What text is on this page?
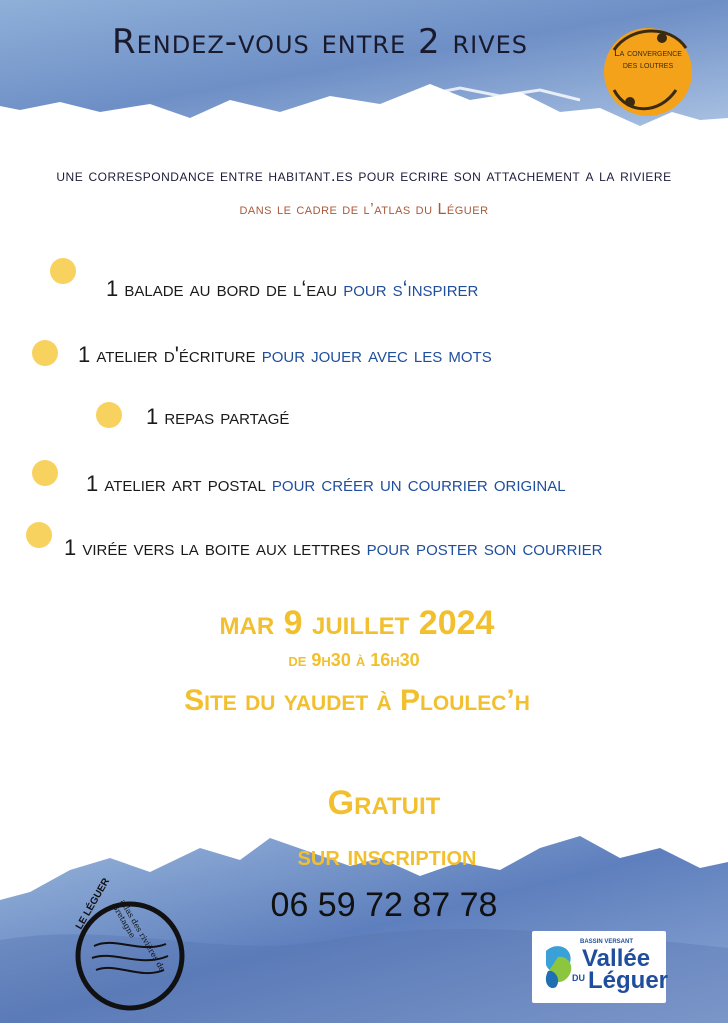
Rendez-vous entre 2 rives	La convergence
des loutres
une correspondance entre habitant.es pour ecrire son attachement a la riviere
dans le cadre de l’atlas du Léguer
1 balade au bord de l‘eau pour s‘inspirer
1 atelier d'écriture pour jouer avec les mots
1 repas partagé
1 atelier art postal pour créer un courrier original
1 virée vers la boite aux lettres pour poster son courrier
mar 9 juillet 2024
de 9h30 à 16h30
Site du yaudet à Ploulec’h
Gratuit
sur inscription
06 59 72 87 78
LE LÉGUER atlas des rivières de Bretagne
BASSIN VERSANT
Vallée
DU Léguer
